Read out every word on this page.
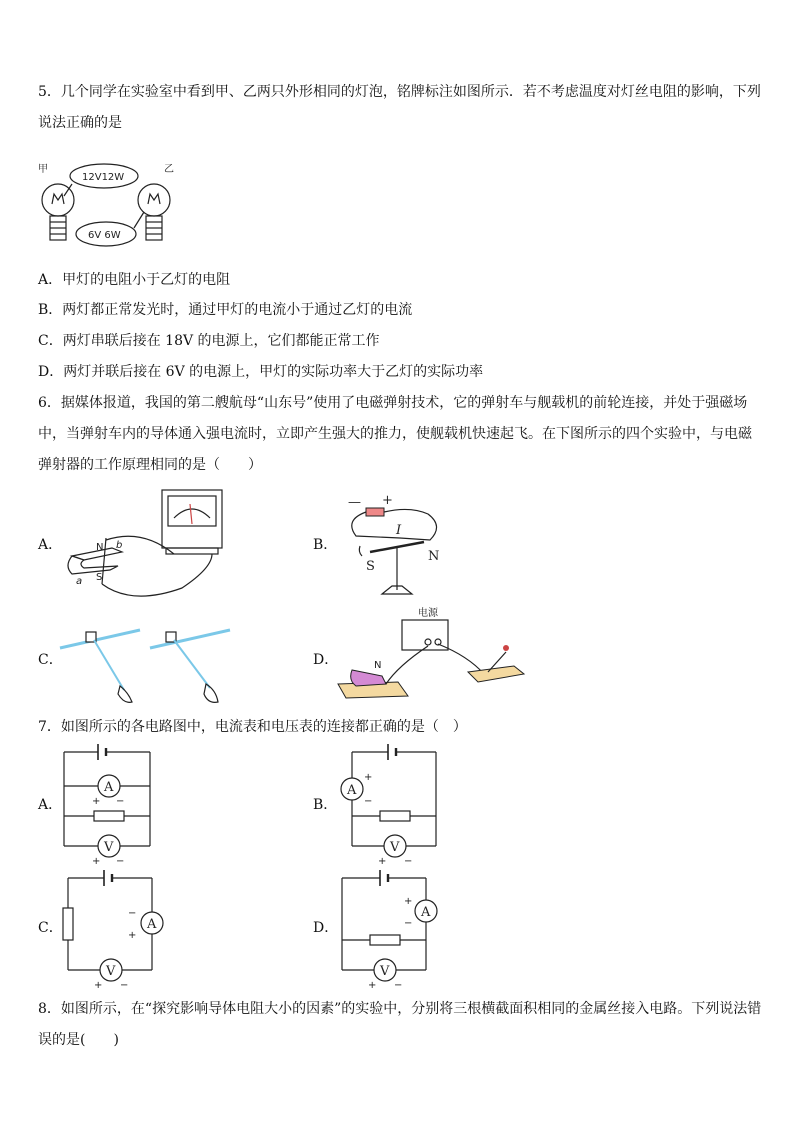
5．几个同学在实验室中看到甲、乙两只外形相同的灯泡，铭牌标注如图所示．若不考虑温度对灯丝电阻的影响，下列
说法正确的是
甲	乙
12V12W
6V 6W
A．甲灯的电阻小于乙灯的电阻
B．两灯都正常发光时，通过甲灯的电流小于通过乙灯的电流
C．两灯串联后接在 18V 的电源上，它们都能正常工作
D．两灯并联后接在 6V 的电源上，甲灯的实际功率大于乙灯的实际功率
6．据媒体报道，我国的第二艘航母“山东号”使用了电磁弹射技术，它的弹射车与舰载机的前轮连接，并处于强磁场
中，当弹射车内的导体通入强电流时，立即产生强大的推力，使舰载机快速起飞。在下图所示的四个实验中，与电磁
弹射器的工作原理相同的是（　　）
A．	N
S
b
a
B．
— +
I
S
N
C．	D．
电源
N
7．如图所示的各电路图中，电流表和电压表的连接都正确的是（　）
A．
A
+ −
V
+ −
B．
A
+
−
V
+ −
C．	A
−
+
V
+ −
D．
A
+
−
V
+ −
8．如图所示，在“探究影响导体电阻大小的因素”的实验中，分别将三根横截面积相同的金属丝接入电路。下列说法错
误的是(　　)
